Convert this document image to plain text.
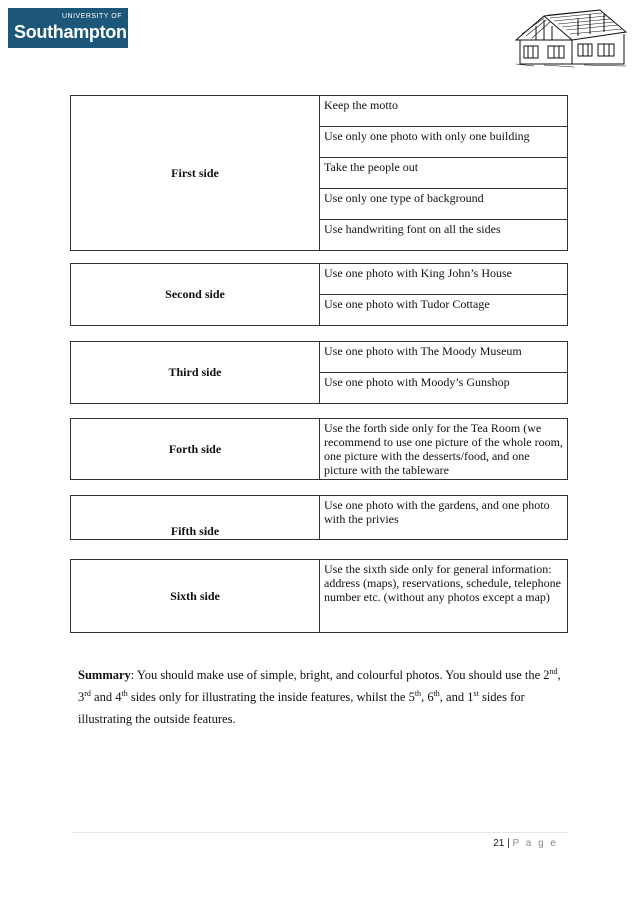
UNIVERSITY OF
Southampton
First side	Keep the motto
Use only one photo with only one building
Take the people out
Use only one type of background
Use handwriting font on all the sides
Second side	Use one photo with King John’s House
Use one photo with Tudor Cottage
Third side	Use one photo with The Moody Museum
Use one photo with Moody’s Gunshop
Forth side	Use the forth side only for the Tea Room (we recommend to use one picture of the whole room, one picture with the desserts/food, and one picture with the tableware
Fifth side	Use one photo with the gardens, and one photo with the privies
Sixth side	Use the sixth side only for general information: address (maps), reservations, schedule, telephone number etc. (without any photos except a map)
Summary: You should make use of simple, bright, and colourful photos. You should use the 2nd, 3rd and 4th sides only for illustrating the inside features, whilst the 5th, 6th, and 1st sides for illustrating the outside features.
21 | P a g e
